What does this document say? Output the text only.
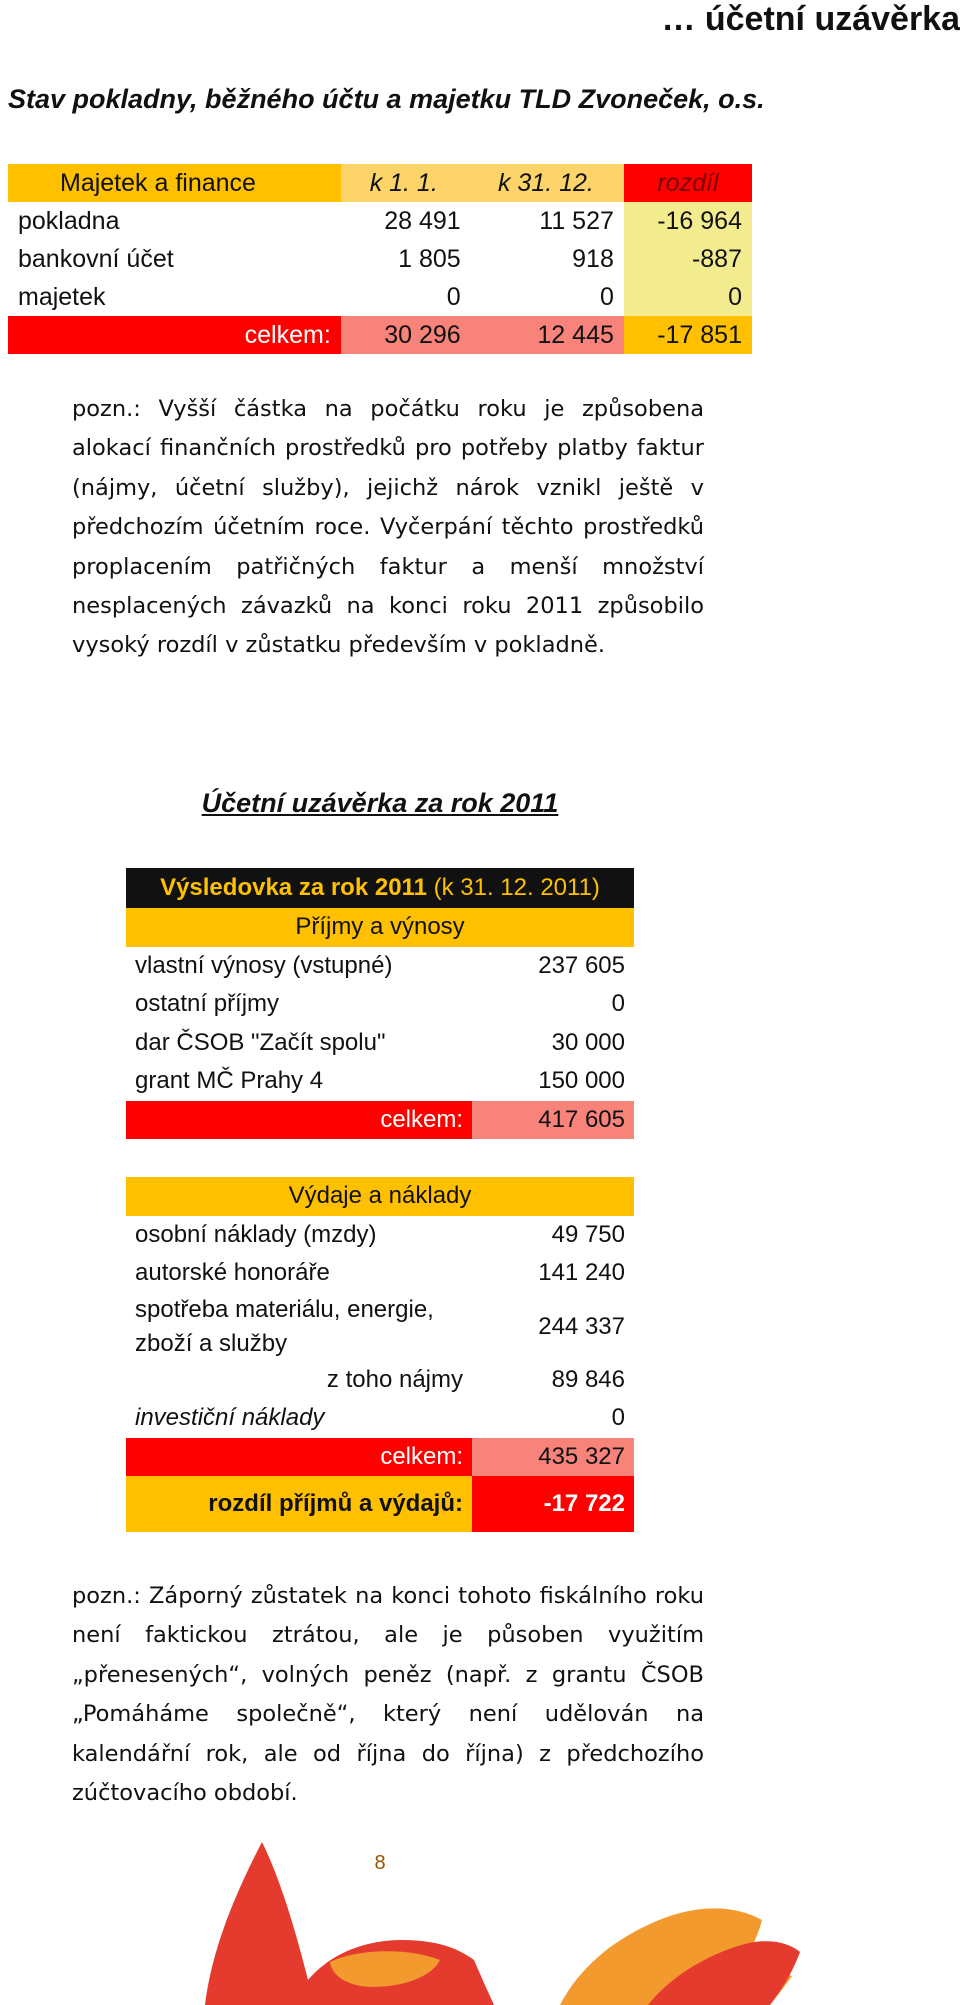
… účetní uzávěrka
Stav pokladny, běžného účtu a majetku TLD Zvoneček, o.s.
Majetek a finance	k 1. 1.	k 31. 12.	rozdíl
pokladna	28 491	11 527	-16 964
bankovní účet	1 805	918	-887
majetek	0	0	0
celkem:	30 296	12 445	-17 851

pozn.: Vyšší částka na počátku roku je způsobena alokací finančních prostředků pro potřeby platby faktur (nájmy, účetní služby), jejichž nárok vznikl ještě v předchozím účetním roce. Vyčerpání těchto prostředků proplacením patřičných faktur a menší množství nesplacených závazků na konci roku 2011 způsobilo vysoký rozdíl v zůstatku především v pokladně.

Účetní uzávěrka za rok 2011
Výsledovka za rok 2011 (k 31. 12. 2011)	
Příjmy a výnosy	
vlastní výnosy (vstupné)	237 605
ostatní příjmy	0
dar ČSOB "Začít spolu"	30 000
grant MČ Prahy 4	150 000
celkem:	417 605
Výdaje a náklady	
osobní náklady (mzdy)	49 750
autorské honoráře	141 240
spotřeba materiálu, energie, zboží a služby	244 337
z toho nájmy	89 846
investiční náklady	0
celkem:	435 327
rozdíl příjmů a výdajů:	-17 722

pozn.: Záporný zůstatek na konci tohoto fiskálního roku není faktickou ztrátou, ale je působen využitím „přenesených“, volných peněz (např. z grantu ČSOB „Pomáháme společně“, který není udělován na kalendářní rok, ale od října do října) z předchozího zúčtovacího období.

8
